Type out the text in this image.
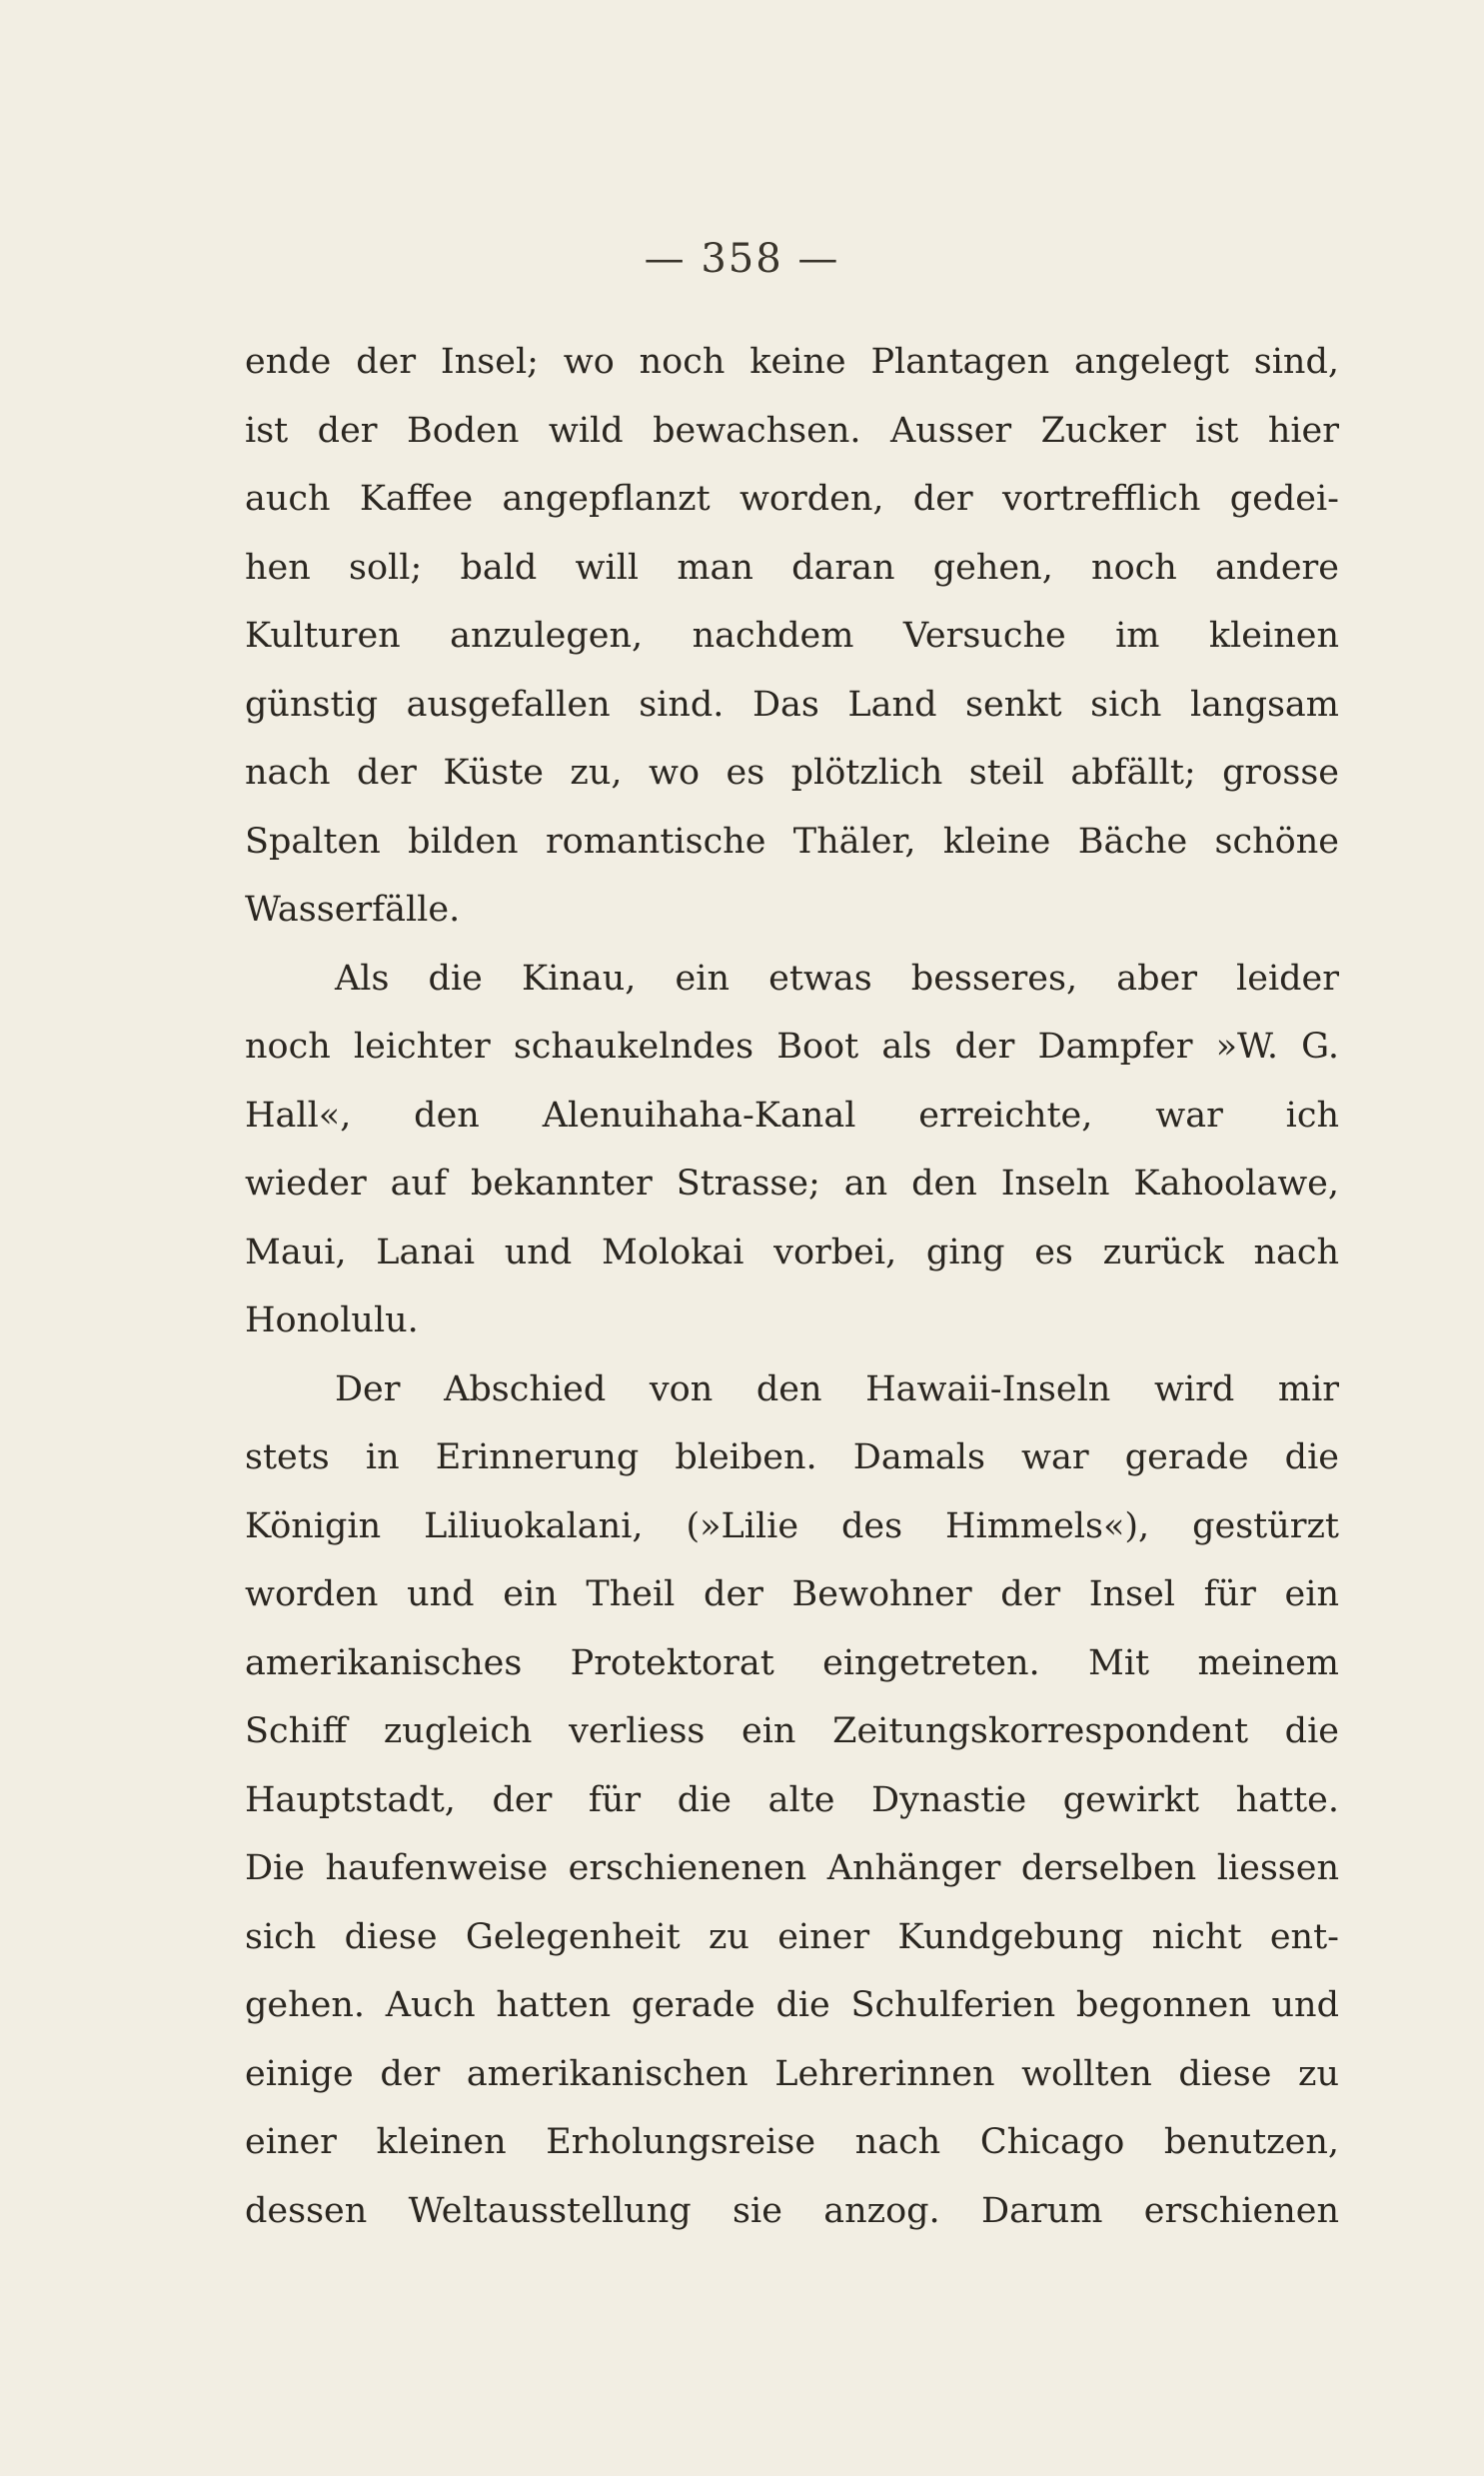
— 358 —
ende der Insel; wo noch keine Plantagen angelegt sind,
ist der Boden wild bewachsen. Ausser Zucker ist hier
auch Kaffee angepflanzt worden, der vortrefflich gedei-
hen soll; bald will man daran gehen, noch andere
Kulturen anzulegen, nachdem Versuche im kleinen
günstig ausgefallen sind. Das Land senkt sich langsam
nach der Küste zu, wo es plötzlich steil abfällt; grosse
Spalten bilden romantische Thäler, kleine Bäche schöne
Wasserfälle.
Als die Kinau, ein etwas besseres, aber leider
noch leichter schaukelndes Boot als der Dampfer »W. G.
Hall«, den Alenuihaha-Kanal erreichte, war ich
wieder auf bekannter Strasse; an den Inseln Kahoolawe,
Maui, Lanai und Molokai vorbei, ging es zurück nach
Honolulu.
Der Abschied von den Hawaii-Inseln wird mir
stets in Erinnerung bleiben. Damals war gerade die
Königin Liliuokalani, (»Lilie des Himmels«), gestürzt
worden und ein Theil der Bewohner der Insel für ein
amerikanisches Protektorat eingetreten. Mit meinem
Schiff zugleich verliess ein Zeitungskorrespondent die
Hauptstadt, der für die alte Dynastie gewirkt hatte.
Die haufenweise erschienenen Anhänger derselben liessen
sich diese Gelegenheit zu einer Kundgebung nicht ent-
gehen. Auch hatten gerade die Schulferien begonnen und
einige der amerikanischen Lehrerinnen wollten diese zu
einer kleinen Erholungsreise nach Chicago benutzen,
dessen Weltausstellung sie anzog. Darum erschienen
